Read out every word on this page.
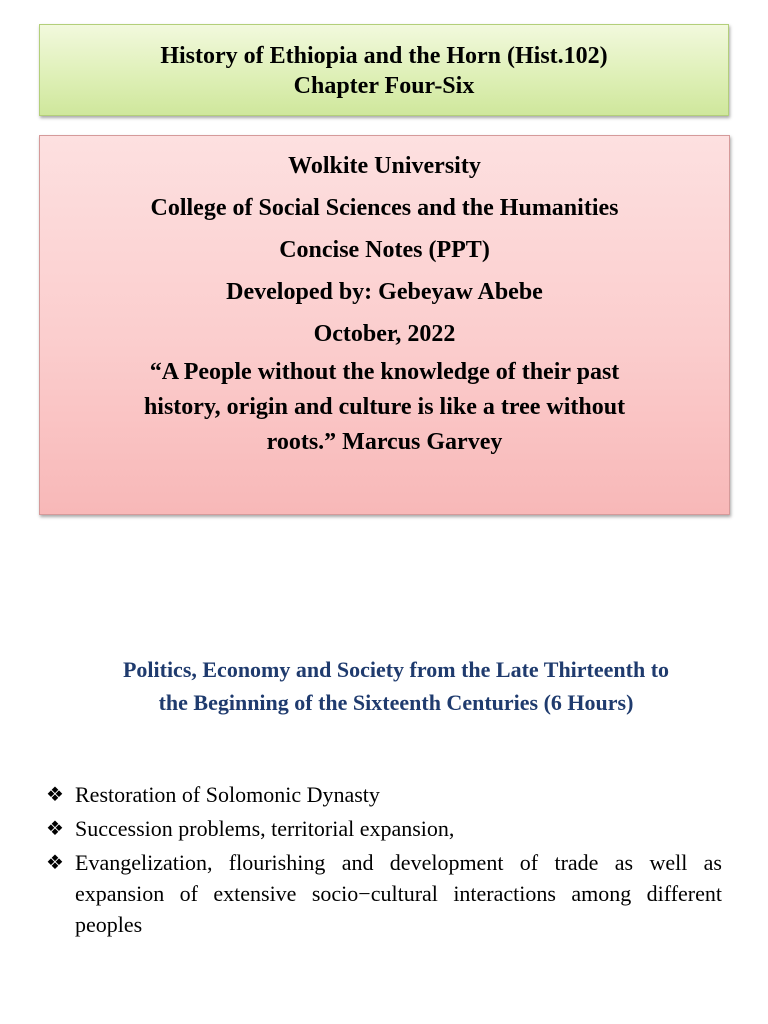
History of Ethiopia and the Horn (Hist.102)
Chapter Four-Six
Wolkite University
College of Social Sciences and the Humanities
Concise Notes (PPT)
Developed by: Gebeyaw Abebe
October, 2022
“A People without the knowledge of their past
history, origin and culture is like a tree without
roots.” Marcus Garvey
Politics, Economy and Society from the Late Thirteenth to
the Beginning of the Sixteenth Centuries (6 Hours)
❖ Restoration of Solomonic Dynasty
❖ Succession problems, territorial expansion,
❖ Evangelization, flourishing and development of trade as well as expansion of extensive socio−cultural interactions among different peoples
